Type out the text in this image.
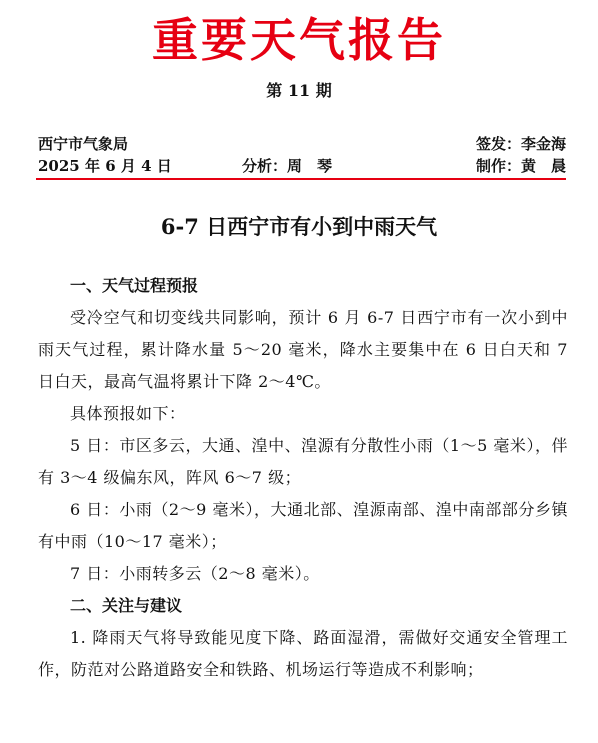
重要天气报告
第 11 期
西宁市气象局	签发：李金海
2025 年 6 月 4 日	分析：周　琴	制作：黄　晨
6-7 日西宁市有小到中雨天气
一、天气过程预报

受冷空气和切变线共同影响，预计 6 月 6-7 日西宁市有一次小到中雨天气过程，累计降水量 5～20 毫米，降水主要集中在 6 日白天和 7 日白天，最高气温将累计下降 2～4℃。

具体预报如下：

5 日：市区多云，大通、湟中、湟源有分散性小雨（1～5 毫米），伴有 3～4 级偏东风，阵风 6～7 级；

6 日：小雨（2～9 毫米），大通北部、湟源南部、湟中南部部分乡镇有中雨（10～17 毫米）；

7 日：小雨转多云（2～8 毫米）。

二、关注与建议

1. 降雨天气将导致能见度下降、路面湿滑，需做好交通安全管理工作，防范对公路道路安全和铁路、机场运行等造成不利影响；
